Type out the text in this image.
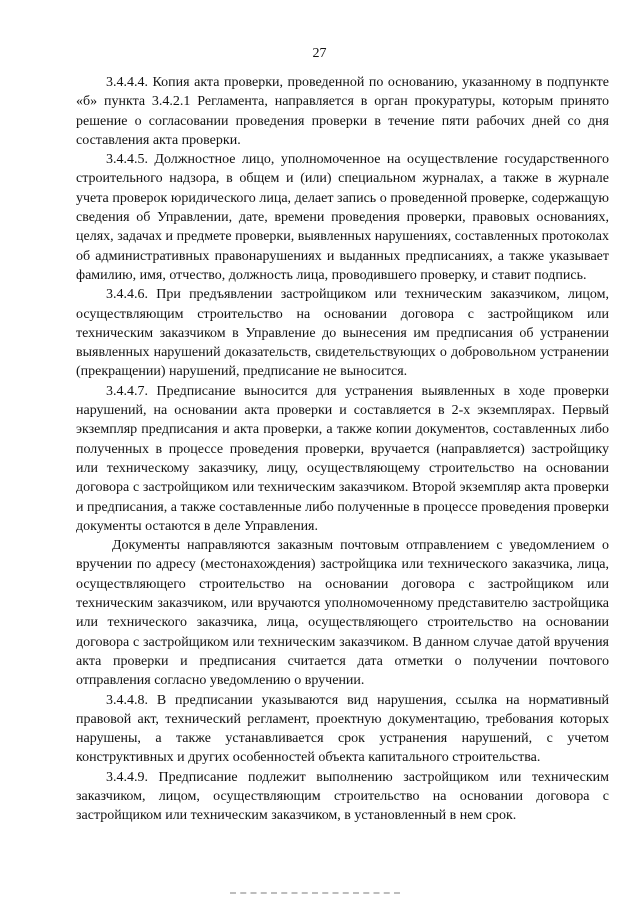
27

3.4.4.4. Копия акта проверки, проведенной по основанию, указанному в подпункте «б» пункта 3.4.2.1 Регламента, направляется в орган прокуратуры, которым принято решение о согласовании проведения проверки в течение пяти рабочих дней со дня составления акта проверки.

3.4.4.5. Должностное лицо, уполномоченное на осуществление государственного строительного надзора, в общем и (или) специальном журналах, а также в журнале учета проверок юридического лица, делает запись о проведенной проверке, содержащую сведения об Управлении, дате, времени проведения проверки, правовых основаниях, целях, задачах и предмете проверки, выявленных нарушениях, составленных протоколах об административных правонарушениях и выданных предписаниях, а также указывает фамилию, имя, отчество, должность лица, проводившего проверку, и ставит подпись.

3.4.4.6. При предъявлении застройщиком или техническим заказчиком, лицом, осуществляющим строительство на основании договора с застройщиком или техническим заказчиком в Управление до вынесения им предписания об устранении выявленных нарушений доказательств, свидетельствующих о добровольном устранении (прекращении) нарушений, предписание не выносится.

3.4.4.7. Предписание выносится для устранения выявленных в ходе проверки нарушений, на основании акта проверки и составляется в 2-х экземплярах. Первый экземпляр предписания и акта проверки, а также копии документов, составленных либо полученных в процессе проведения проверки, вручается (направляется) застройщику или техническому заказчику, лицу, осуществляющему строительство на основании договора с застройщиком или техническим заказчиком. Второй экземпляр акта проверки и предписания, а также составленные либо полученные в процессе проведения проверки документы остаются в деле Управления.

Документы направляются заказным почтовым отправлением с уведомлением о вручении по адресу (местонахождения) застройщика или технического заказчика, лица, осуществляющего строительство на основании договора с застройщиком или техническим заказчиком, или вручаются уполномоченному представителю застройщика или технического заказчика, лица, осуществляющего строительство на основании договора с застройщиком или техническим заказчиком. В данном случае датой вручения акта проверки и предписания считается дата отметки о получении почтового отправления согласно уведомлению о вручении.

3.4.4.8. В предписании указываются вид нарушения, ссылка на нормативный правовой акт, технический регламент, проектную документацию, требования которых нарушены, а также устанавливается срок устранения нарушений, с учетом конструктивных и других особенностей объекта капитального строительства.

3.4.4.9. Предписание подлежит выполнению застройщиком или техническим заказчиком, лицом, осуществляющим строительство на основании договора с застройщиком или техническим заказчиком, в установленный в нем срок.
